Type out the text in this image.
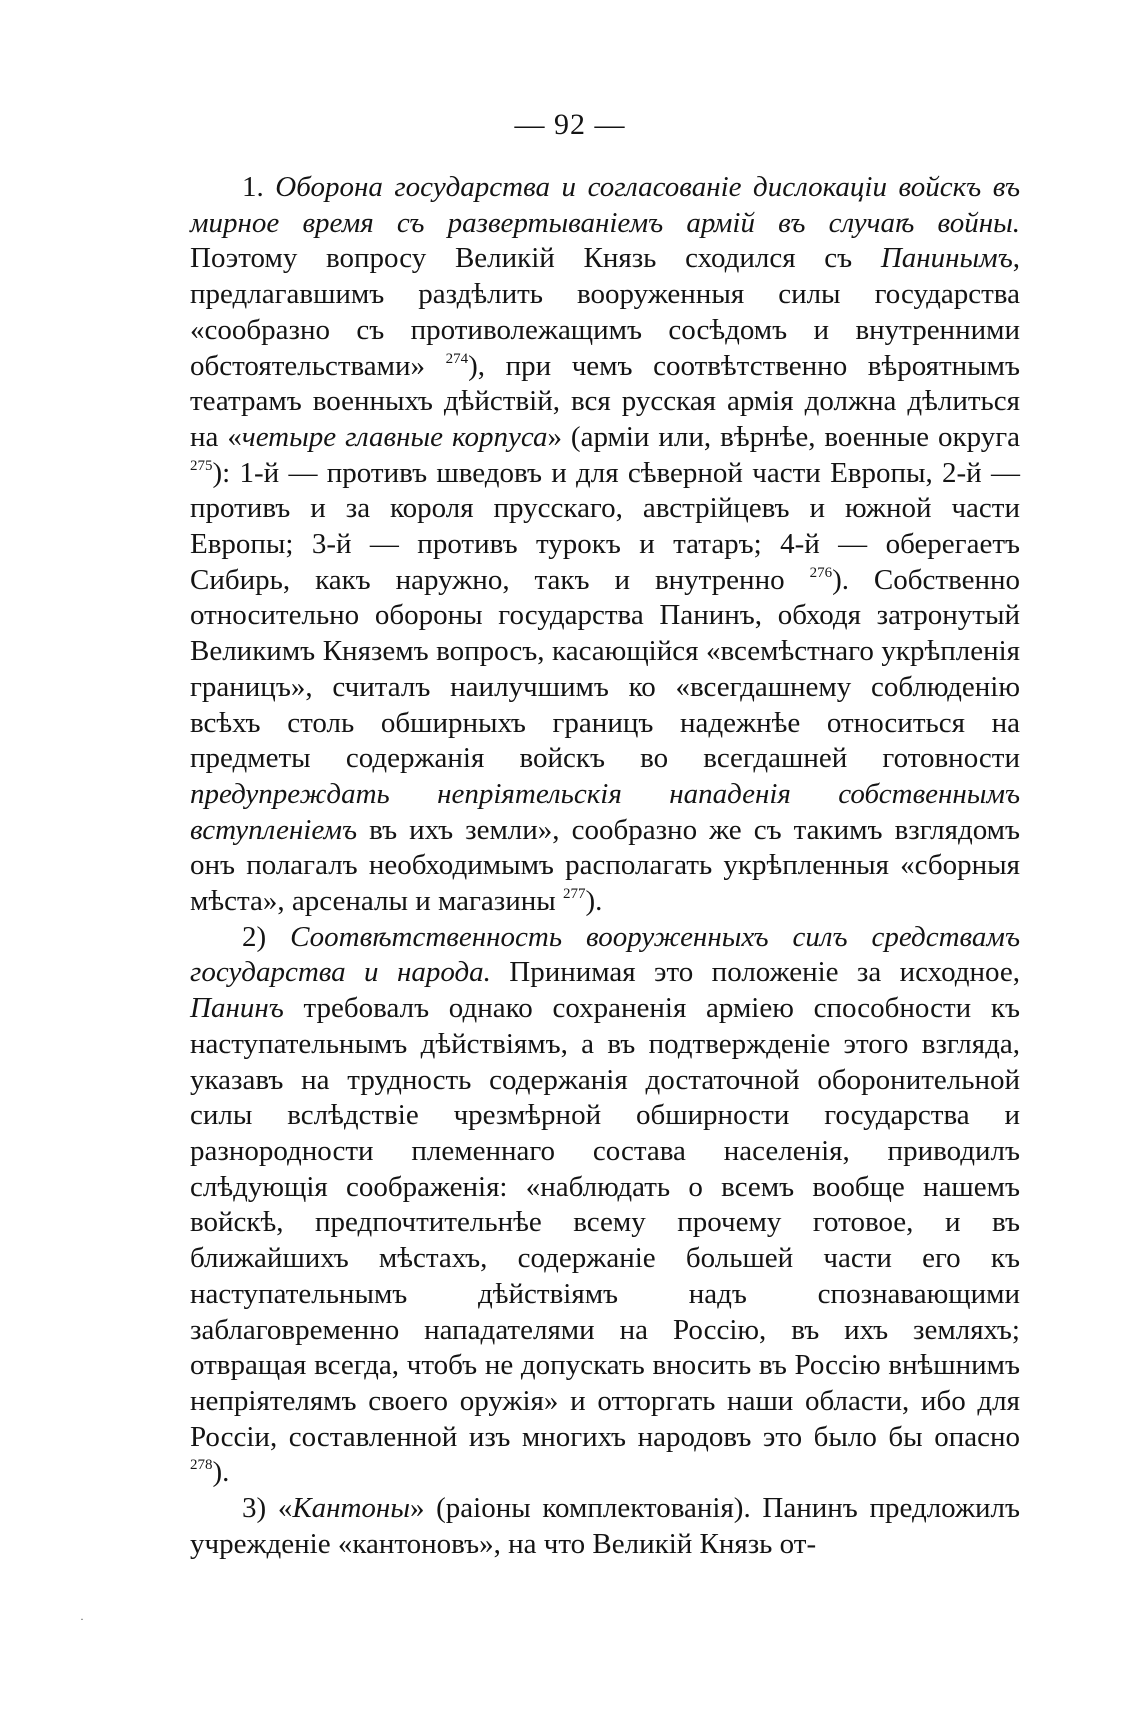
— 92 —

1. Оборона государства и согласованіе дислокаціи войскъ въ мирное время съ развертываніемъ армій въ случаѣ войны. Поэтому вопросу Великій Князь сходился съ Панинымъ, предлагавшимъ раздѣлить вооруженныя силы государства «сообразно съ противолежащимъ сосѣдомъ и внутренними обстоятельствами» $^{274}$), при чемъ соотвѣтственно вѣроятнымъ театрамъ военныхъ дѣйствій, вся русская армія должна дѣлиться на «четыре главные корпуса» (арміи или, вѣрнѣе, военные округа $^{275}$): 1-й — противъ шведовъ и для сѣверной части Европы, 2-й — противъ и за короля прусскаго, австрійцевъ и южной части Европы; 3-й — противъ турокъ и татаръ; 4-й — оберегаетъ Сибирь, какъ наружно, такъ и внутренно $^{276}$). Собственно относительно обороны государства Панинъ, обходя затронутый Великимъ Княземъ вопросъ, касающійся «всемѣстнаго укрѣпленія границъ», считалъ наилучшимъ ко «всегдашнему соблюденію всѣхъ столь обширныхъ границъ надежнѣе относиться на предметы содержанія войскъ во всегдашней готовности предупреждать непріятельскія нападенія собственнымъ вступленіемъ въ ихъ земли», сообразно же съ такимъ взглядомъ онъ полагалъ необходимымъ располагать укрѣпленныя «сборныя мѣста», арсеналы и магазины $^{277}$).

2) Соотвѣтственность вооруженныхъ силъ средствамъ государства и народа. Принимая это положеніе за исходное, Панинъ требовалъ однако сохраненія арміею способности къ наступательнымъ дѣйствіямъ, а въ подтвержденіе этого взгляда, указавъ на трудность содержанія достаточной оборонительной силы вслѣдствіе чрезмѣрной обширности государства и разнородности племеннаго состава населенія, приводилъ слѣдующія соображенія: «наблюдать о всемъ вообще нашемъ войскѣ, предпочтительнѣе всему прочему готовое, и въ ближайшихъ мѣстахъ, содержаніе большей части его къ наступательнымъ дѣйствіямъ надъ спознавающими заблаговременно нападателями на Россію, въ ихъ земляхъ; отвращая всегда, чтобъ не допускать вносить въ Россію внѣшнимъ непріятелямъ своего оружія» и отторгать наши области, ибо для Россіи, составленной изъ многихъ народовъ это было бы опасно $^{278}$).

3) «Кантоны» (раіоны комплектованія). Панинъ предложилъ учрежденіе «кантоновъ», на что Великій Князь от-

·
